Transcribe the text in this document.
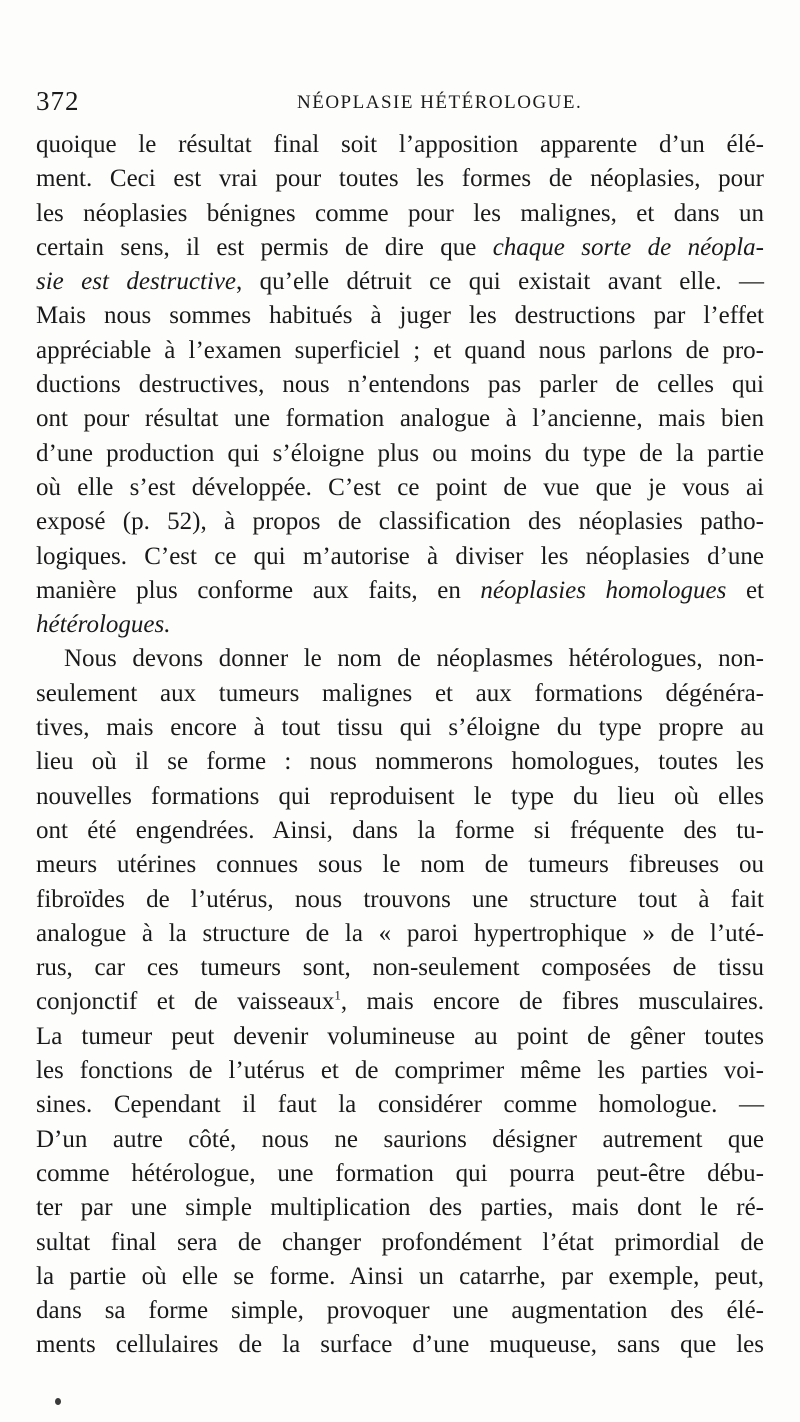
372	NÉOPLASIE HÉTÉROLOGUE.
quoique le résultat final soit l’apposition apparente d’un élé-
ment. Ceci est vrai pour toutes les formes de néoplasies, pour
les néoplasies bénignes comme pour les malignes, et dans un
certain sens, il est permis de dire que chaque sorte de néopla-
sie est destructive, qu’elle détruit ce qui existait avant elle. —
Mais nous sommes habitués à juger les destructions par l’effet
appréciable à l’examen superficiel ; et quand nous parlons de pro-
ductions destructives, nous n’entendons pas parler de celles qui
ont pour résultat une formation analogue à l’ancienne, mais bien
d’une production qui s’éloigne plus ou moins du type de la partie
où elle s’est développée. C’est ce point de vue que je vous ai
exposé (p. 52), à propos de classification des néoplasies patho-
logiques. C’est ce qui m’autorise à diviser les néoplasies d’une
manière plus conforme aux faits, en néoplasies homologues et
hétérologues.
Nous devons donner le nom de néoplasmes hétérologues, non-
seulement aux tumeurs malignes et aux formations dégénéra-
tives, mais encore à tout tissu qui s’éloigne du type propre au
lieu où il se forme : nous nommerons homologues, toutes les
nouvelles formations qui reproduisent le type du lieu où elles
ont été engendrées. Ainsi, dans la forme si fréquente des tu-
meurs utérines connues sous le nom de tumeurs fibreuses ou
fibroïdes de l’utérus, nous trouvons une structure tout à fait
analogue à la structure de la « paroi hypertrophique » de l’uté-
rus, car ces tumeurs sont, non-seulement composées de tissu
conjonctif et de vaisseaux$^1$, mais encore de fibres musculaires.
La tumeur peut devenir volumineuse au point de gêner toutes
les fonctions de l’utérus et de comprimer même les parties voi-
sines. Cependant il faut la considérer comme homologue. —
D’un autre côté, nous ne saurions désigner autrement que
comme hétérologue, une formation qui pourra peut-être débu-
ter par une simple multiplication des parties, mais dont le ré-
sultat final sera de changer profondément l’état primordial de
la partie où elle se forme. Ainsi un catarrhe, par exemple, peut,
dans sa forme simple, provoquer une augmentation des élé-
ments cellulaires de la surface d’une muqueuse, sans que les
